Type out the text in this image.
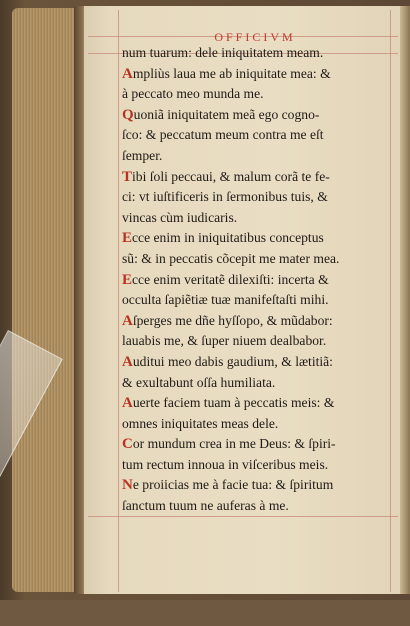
OFFICIVM
num tuarum: dele iniquitatem meam.
Ampliùs laua me ab iniquitate mea: &
à peccato meo munda me.
Quoniã iniquitatem meã ego cogno-
ſco: & peccatum meum contra me eſt
ſemper.
Tibi ſoli peccaui, & malum corã te fe-
ci: vt iuſtificeris in ſermonibus tuis, &
vincas cùm iudicaris.
Ecce enim in iniquitatibus conceptus
sũ: & in peccatis cõcepit me mater mea.
Ecce enim veritatẽ dilexiſti: incerta &
occulta ſapiẽtiæ tuæ manifeſtaſti mihi.
Aſperges me dñe hyſſopo, & mũdabor:
lauabis me, & ſuper niuem dealbabor.
Auditui meo dabis gaudium, & lætitiã:
& exultabunt oſſa humiliata.
Auerte faciem tuam à peccatis meis: &
omnes iniquitates meas dele.
Cor mundum crea in me Deus: & ſpiri-
tum rectum innoua in viſceribus meis.
Ne proiicias me à facie tua: & ſpiritum
ſanctum tuum ne auferas à me.
